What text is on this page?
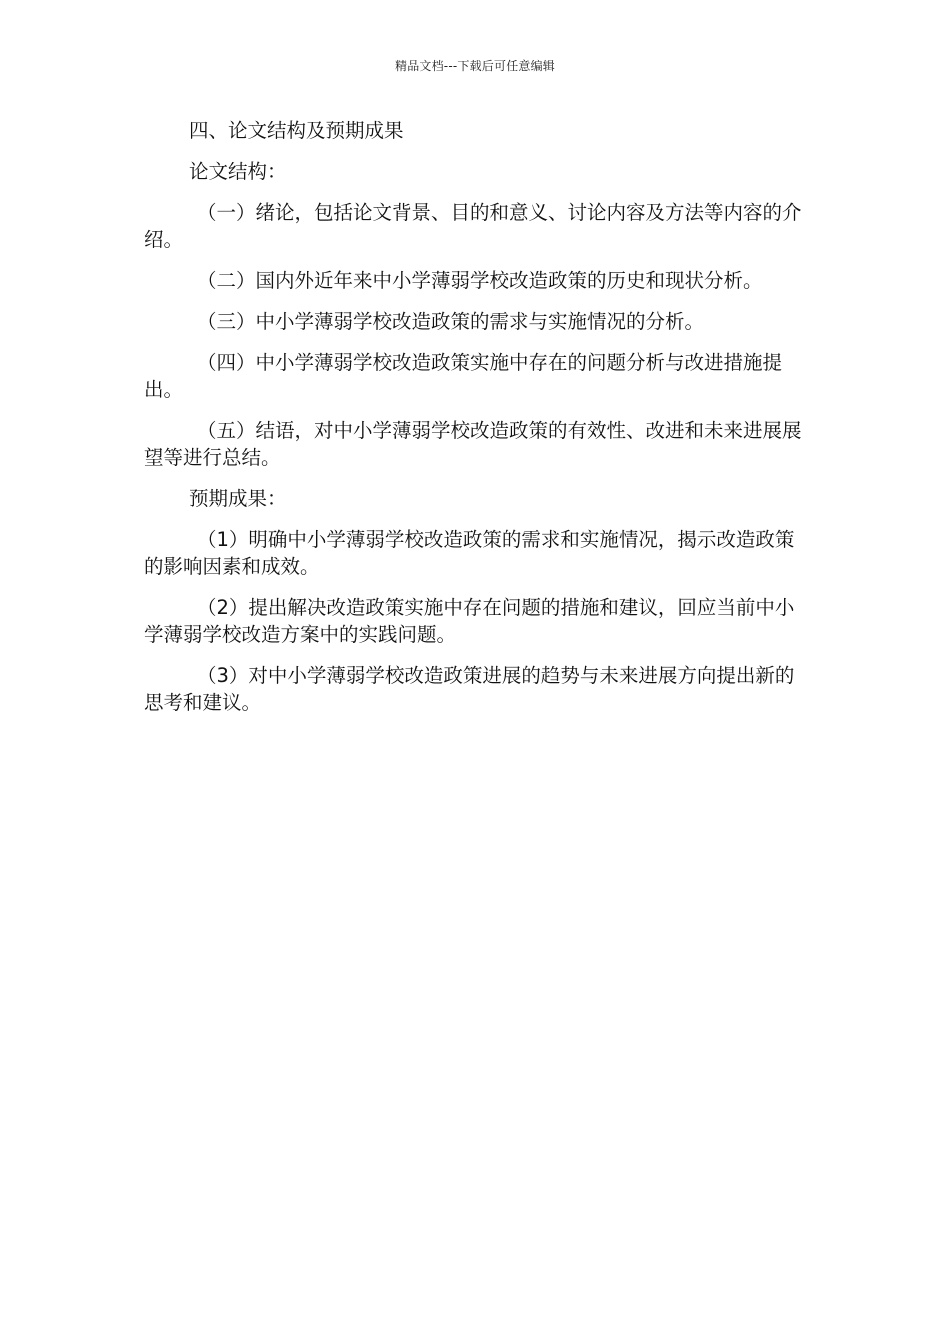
精品文档---下载后可任意编辑

四、论文结构及预期成果

论文结构：

（一）绪论，包括论文背景、目的和意义、讨论内容及方法等内容的介绍。

（二）国内外近年来中小学薄弱学校改造政策的历史和现状分析。

（三）中小学薄弱学校改造政策的需求与实施情况的分析。

（四）中小学薄弱学校改造政策实施中存在的问题分析与改进措施提出。

（五）结语，对中小学薄弱学校改造政策的有效性、改进和未来进展展望等进行总结。

预期成果：

（1）明确中小学薄弱学校改造政策的需求和实施情况，揭示改造政策的影响因素和成效。

（2）提出解决改造政策实施中存在问题的措施和建议，回应当前中小学薄弱学校改造方案中的实践问题。

（3）对中小学薄弱学校改造政策进展的趋势与未来进展方向提出新的思考和建议。
